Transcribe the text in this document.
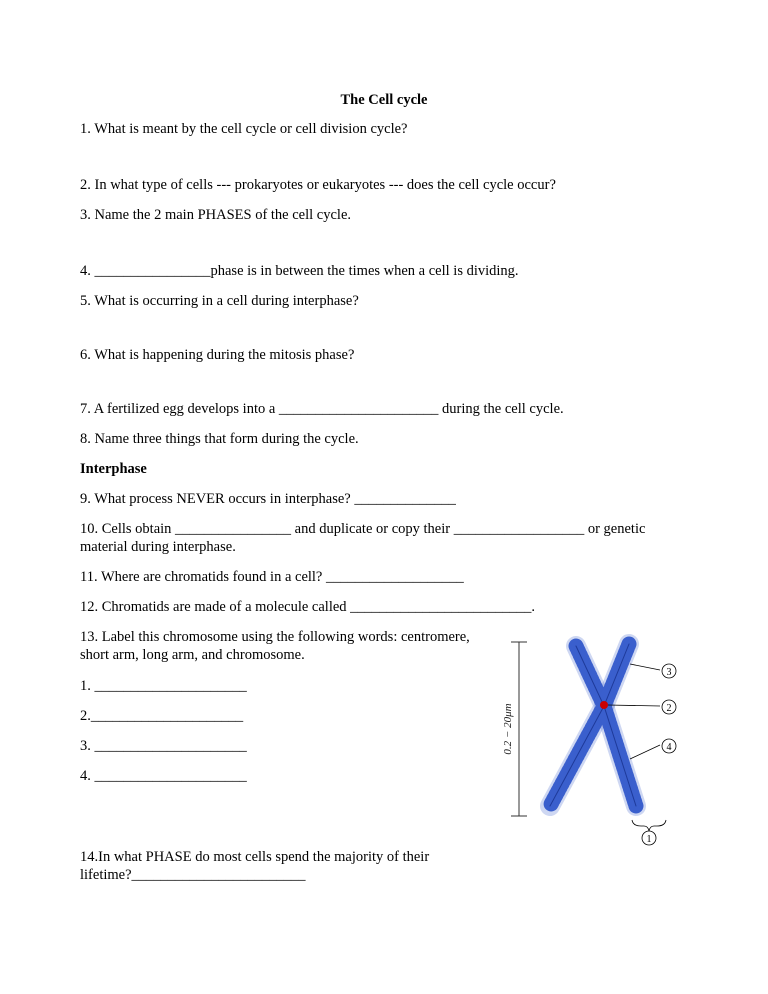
The Cell cycle
1. What is meant by the cell cycle or cell division cycle?
2. In what type of cells --- prokaryotes or eukaryotes --- does the cell cycle occur?
3. Name the 2 main PHASES of the cell cycle.
4. ________________phase is in between the times when a cell is dividing.
5. What is occurring in a cell during interphase?
6. What is happening during the mitosis phase?
7. A fertilized egg develops into a ______________________ during the cell cycle.
8. Name three things that form during the cycle.
Interphase
9. What process NEVER occurs in interphase? ______________
10. Cells obtain ________________ and duplicate or copy their __________________ or genetic
material during interphase.
11. Where are chromatids found in a cell? ___________________
12. Chromatids are made of a molecule called _________________________.
13. Label this chromosome using the following words: centromere,
short arm, long arm, and chromosome.
1. _____________________
2._____________________
3. _____________________
4. _____________________
14.In what PHASE do most cells spend the majority of their
lifetime?________________________
0.2 − 20μm
3
2
4
1
